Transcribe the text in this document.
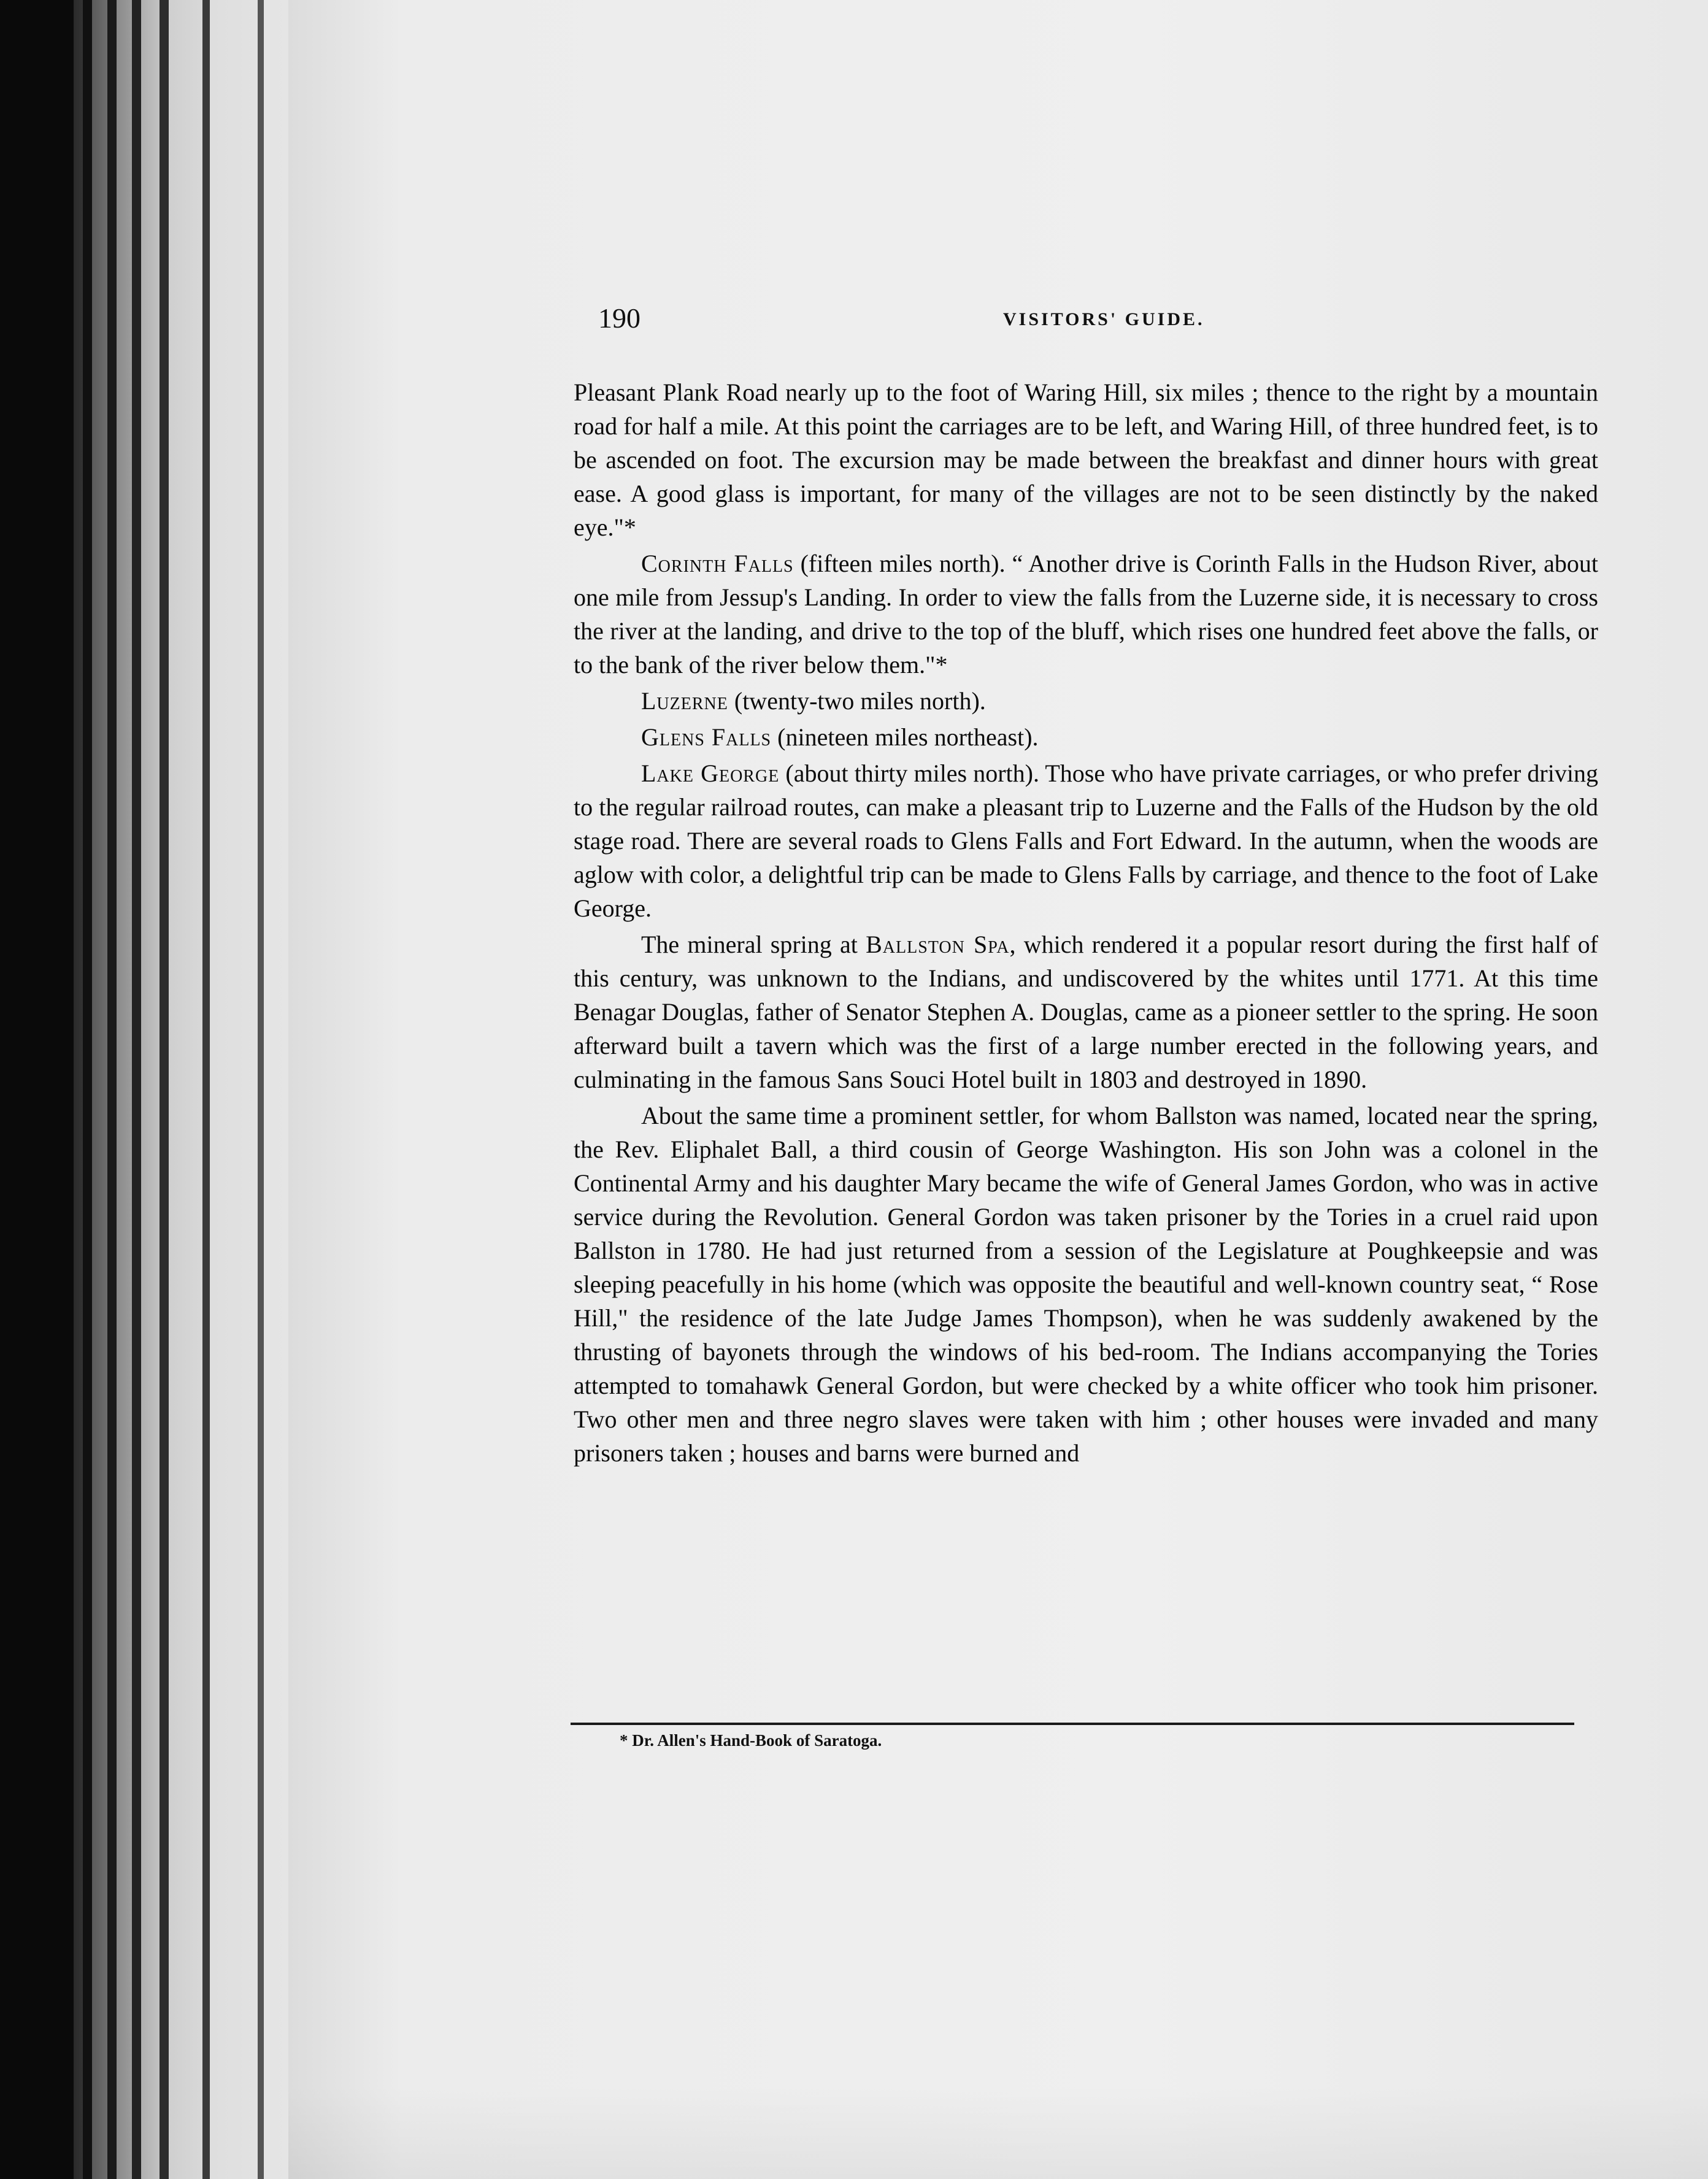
190	VISITORS' GUIDE.

Pleasant Plank Road nearly up to the foot of Waring Hill, six miles ; thence to the right by a mountain road for half a mile. At this point the carriages are to be left, and Waring Hill, of three hundred feet, is to be ascended on foot. The excursion may be made between the breakfast and dinner hours with great ease. A good glass is important, for many of the villages are not to be seen distinctly by the naked eye."*

Corinth Falls (fifteen miles north). “ Another drive is Corinth Falls in the Hudson River, about one mile from Jessup's Landing. In order to view the falls from the Luzerne side, it is necessary to cross the river at the landing, and drive to the top of the bluff, which rises one hundred feet above the falls, or to the bank of the river below them."*

Luzerne (twenty-two miles north).

Glens Falls (nineteen miles northeast).

Lake George (about thirty miles north). Those who have private carriages, or who prefer driving to the regular railroad routes, can make a pleasant trip to Luzerne and the Falls of the Hudson by the old stage road. There are several roads to Glens Falls and Fort Edward. In the autumn, when the woods are aglow with color, a delightful trip can be made to Glens Falls by carriage, and thence to the foot of Lake George.

The mineral spring at Ballston Spa, which rendered it a popular resort during the first half of this century, was unknown to the Indians, and undiscovered by the whites until 1771. At this time Benagar Douglas, father of Senator Stephen A. Douglas, came as a pioneer settler to the spring. He soon afterward built a tavern which was the first of a large number erected in the following years, and culminating in the famous Sans Souci Hotel built in 1803 and destroyed in 1890.

About the same time a prominent settler, for whom Ballston was named, located near the spring, the Rev. Eliphalet Ball, a third cousin of George Washington. His son John was a colonel in the Continental Army and his daughter Mary became the wife of General James Gordon, who was in active service during the Revolution. General Gordon was taken prisoner by the Tories in a cruel raid upon Ballston in 1780. He had just returned from a session of the Legislature at Poughkeepsie and was sleeping peacefully in his home (which was opposite the beautiful and well-known country seat, “ Rose Hill," the residence of the late Judge James Thompson), when he was suddenly awakened by the thrusting of bayonets through the windows of his bed-room. The Indians accompanying the Tories attempted to tomahawk General Gordon, but were checked by a white officer who took him prisoner. Two other men and three negro slaves were taken with him ; other houses were invaded and many prisoners taken ; houses and barns were burned and

* Dr. Allen's Hand-Book of Saratoga.
